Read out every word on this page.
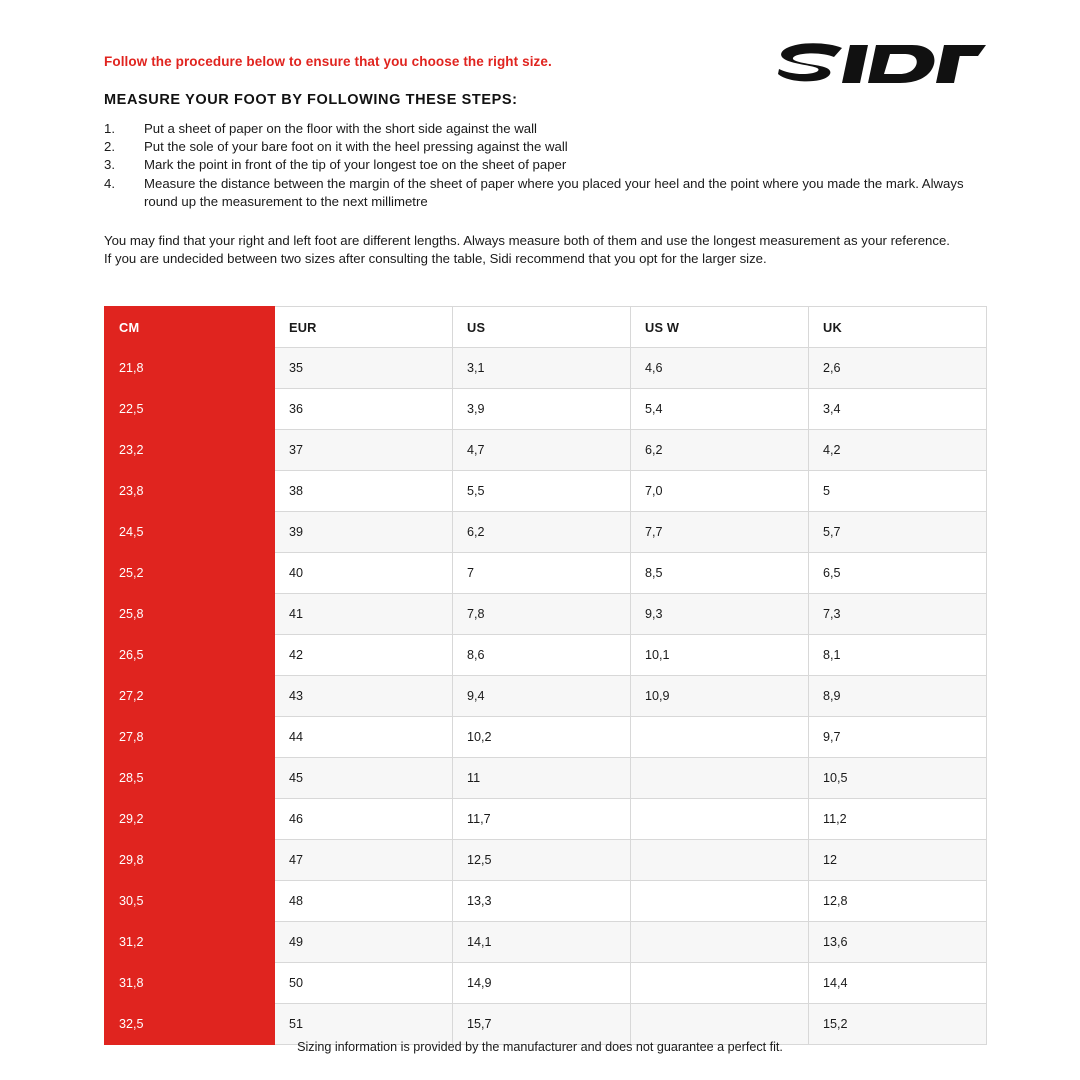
Follow the procedure below to ensure that you choose the right size.
MEASURE YOUR FOOT BY FOLLOWING THESE STEPS:
1.	Put a sheet of paper on the floor with the short side against the wall
2.	Put the sole of your bare foot on it with the heel pressing against the wall
3.	Mark the point in front of the tip of your longest toe on the sheet of paper
4.	Measure the distance between the margin of the sheet of paper where you placed your heel and the point where you made the mark. Always round up the measurement to the next millimetre

You may find that your right and left foot are different lengths. Always measure both of them and use the longest measurement as your reference.

If you are undecided between two sizes after consulting the table, Sidi recommend that you opt for the larger size.

CM	EUR	US	US W	UK
21,8	35	3,1	4,6	2,6
22,5	36	3,9	5,4	3,4
23,2	37	4,7	6,2	4,2
23,8	38	5,5	7,0	5
24,5	39	6,2	7,7	5,7
25,2	40	7	8,5	6,5
25,8	41	7,8	9,3	7,3
26,5	42	8,6	10,1	8,1
27,2	43	9,4	10,9	8,9
27,8	44	10,2		9,7
28,5	45	11		10,5
29,2	46	11,7		11,2
29,8	47	12,5		12
30,5	48	13,3		12,8
31,2	49	14,1		13,6
31,8	50	14,9		14,4
32,5	51	15,7		15,2
Sizing information is provided by the manufacturer and does not guarantee a perfect fit.
